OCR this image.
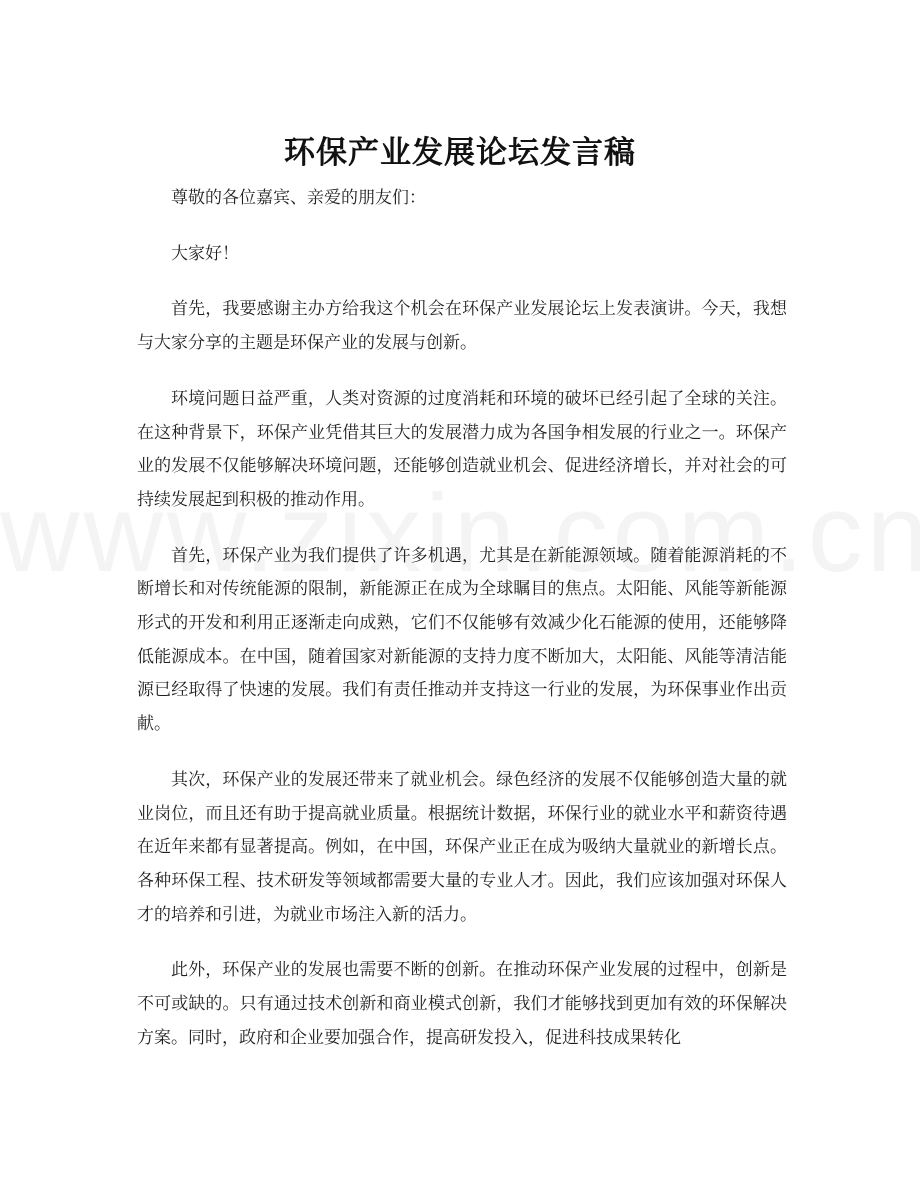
环保产业发展论坛发言稿

尊敬的各位嘉宾、亲爱的朋友们：

大家好！

首先，我要感谢主办方给我这个机会在环保产业发展论坛上发表演讲。今天，我想与大家分享的主题是环保产业的发展与创新。

环境问题日益严重，人类对资源的过度消耗和环境的破坏已经引起了全球的关注。在这种背景下，环保产业凭借其巨大的发展潜力成为各国争相发展的行业之一。环保产业的发展不仅能够解决环境问题，还能够创造就业机会、促进经济增长，并对社会的可持续发展起到积极的推动作用。

首先，环保产业为我们提供了许多机遇，尤其是在新能源领域。随着能源消耗的不断增长和对传统能源的限制，新能源正在成为全球瞩目的焦点。太阳能、风能等新能源形式的开发和利用正逐渐走向成熟，它们不仅能够有效减少化石能源的使用，还能够降低能源成本。在中国，随着国家对新能源的支持力度不断加大，太阳能、风能等清洁能源已经取得了快速的发展。我们有责任推动并支持这一行业的发展，为环保事业作出贡献。

其次，环保产业的发展还带来了就业机会。绿色经济的发展不仅能够创造大量的就业岗位，而且还有助于提高就业质量。根据统计数据，环保行业的就业水平和薪资待遇在近年来都有显著提高。例如，在中国，环保产业正在成为吸纳大量就业的新增长点。各种环保工程、技术研发等领域都需要大量的专业人才。因此，我们应该加强对环保人才的培养和引进，为就业市场注入新的活力。

此外，环保产业的发展也需要不断的创新。在推动环保产业发展的过程中，创新是不可或缺的。只有通过技术创新和商业模式创新，我们才能够找到更加有效的环保解决方案。同时，政府和企业要加强合作，提高研发投入，促进科技成果转化
